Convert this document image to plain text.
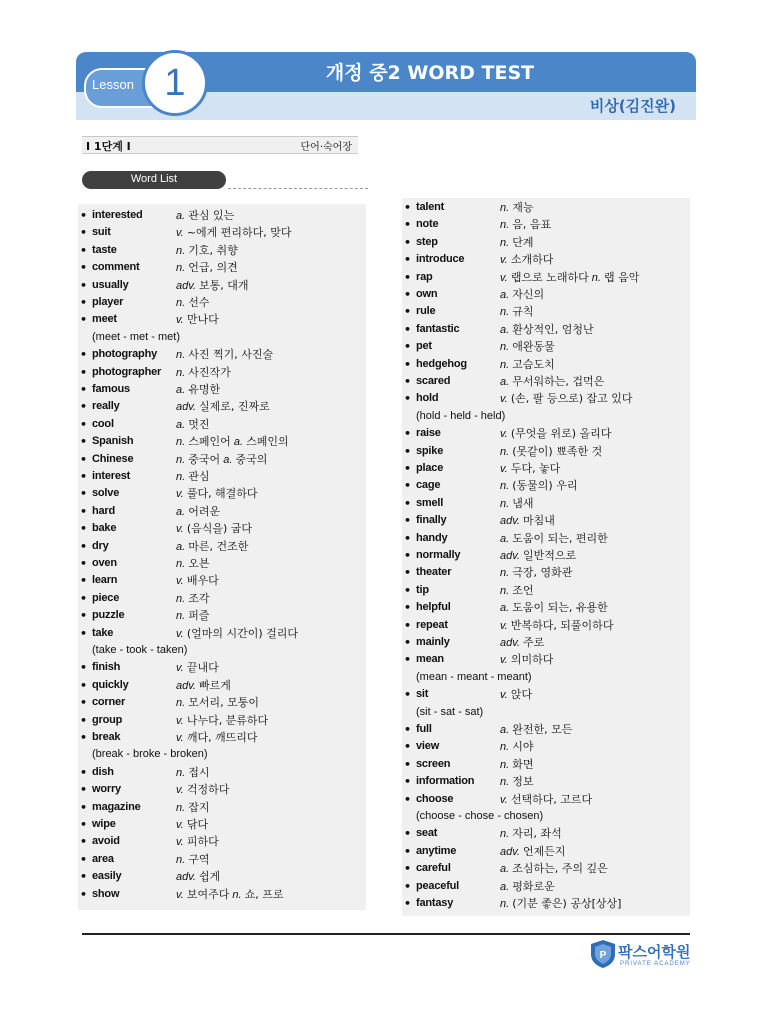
Lesson 1	개정 중2 WORD TEST
비상(김진완)
I 1단계 I	단어·숙어장
Word List
• interested	a. 관심 있는
• suit	v. ~에게 편리하다, 맞다
• taste	n. 기호, 취향
• comment	n. 언급, 의견
• usually	adv. 보통, 대개
• player	n. 선수
• meet	v. 만나다
(meet - met - met)
• photography n. 사진 찍기, 사진술
• photographer n. 사진작가
• famous	a. 유명한
• really	adv. 실제로, 진짜로
• cool	a. 멋진
• Spanish	n. 스페인어 a. 스페인의
• Chinese	n. 중국어 a. 중국의
• interest	n. 관심
• solve	v. 풀다, 해결하다
• hard	a. 어려운
• bake	v. (음식을) 굽다
• dry	a. 마른, 건조한
• oven	n. 오븐
• learn	v. 배우다
• piece	n. 조각
• puzzle	n. 퍼즐
• take	v. (얼마의 시간이) 걸리다
(take - took - taken)
• finish	v. 끝내다
• quickly	adv. 빠르게
• corner	n. 모서리, 모퉁이
• group	v. 나누다, 분류하다
• break	v. 깨다, 깨뜨리다
(break - broke - broken)
• dish	n. 접시
• worry	v. 걱정하다
• magazine	n. 잡지
• wipe	v. 닦다
• avoid	v. 피하다
• area	n. 구역
• easily	adv. 쉽게
• show	v. 보여주다 n. 쇼, 프로
• talent	n. 재능
• note	n. 음, 음표
• step	n. 단계
• introduce	v. 소개하다
• rap	v. 랩으로 노래하다 n. 랩 음악
• own	a. 자신의
• rule	n. 규칙
• fantastic	a. 환상적인, 엄청난
• pet	n. 애완동물
• hedgehog	n. 고슴도치
• scared	a. 무서워하는, 겁먹은
• hold	v. (손, 팔 등으로) 잡고 있다
(hold - held - held)
• raise	v. (무엇을 위로) 올리다
• spike	n. (못같이) 뾰족한 것
• place	v. 두다, 놓다
• cage	n. (동물의) 우리
• smell	n. 냄새
• finally	adv. 마침내
• handy	a. 도움이 되는, 편리한
• normally	adv. 일반적으로
• theater	n. 극장, 영화관
• tip	n. 조언
• helpful	a. 도움이 되는, 유용한
• repeat	v. 반복하다, 되풀이하다
• mainly	adv. 주로
• mean	v. 의미하다
(mean - meant - meant)
• sit	v. 앉다
(sit - sat - sat)
• full	a. 완전한, 모든
• view	n. 시야
• screen	n. 화면
• information n. 정보
• choose	v. 선택하다, 고르다
(choose - chose - chosen)
• seat	n. 자리, 좌석
• anytime	adv. 언제든지
• careful	a. 조심하는, 주의 깊은
• peaceful	a. 평화로운
• fantasy	n. (기분 좋은) 공상[상상]
P 팍스어학원
PRIVATE ACADEMY
